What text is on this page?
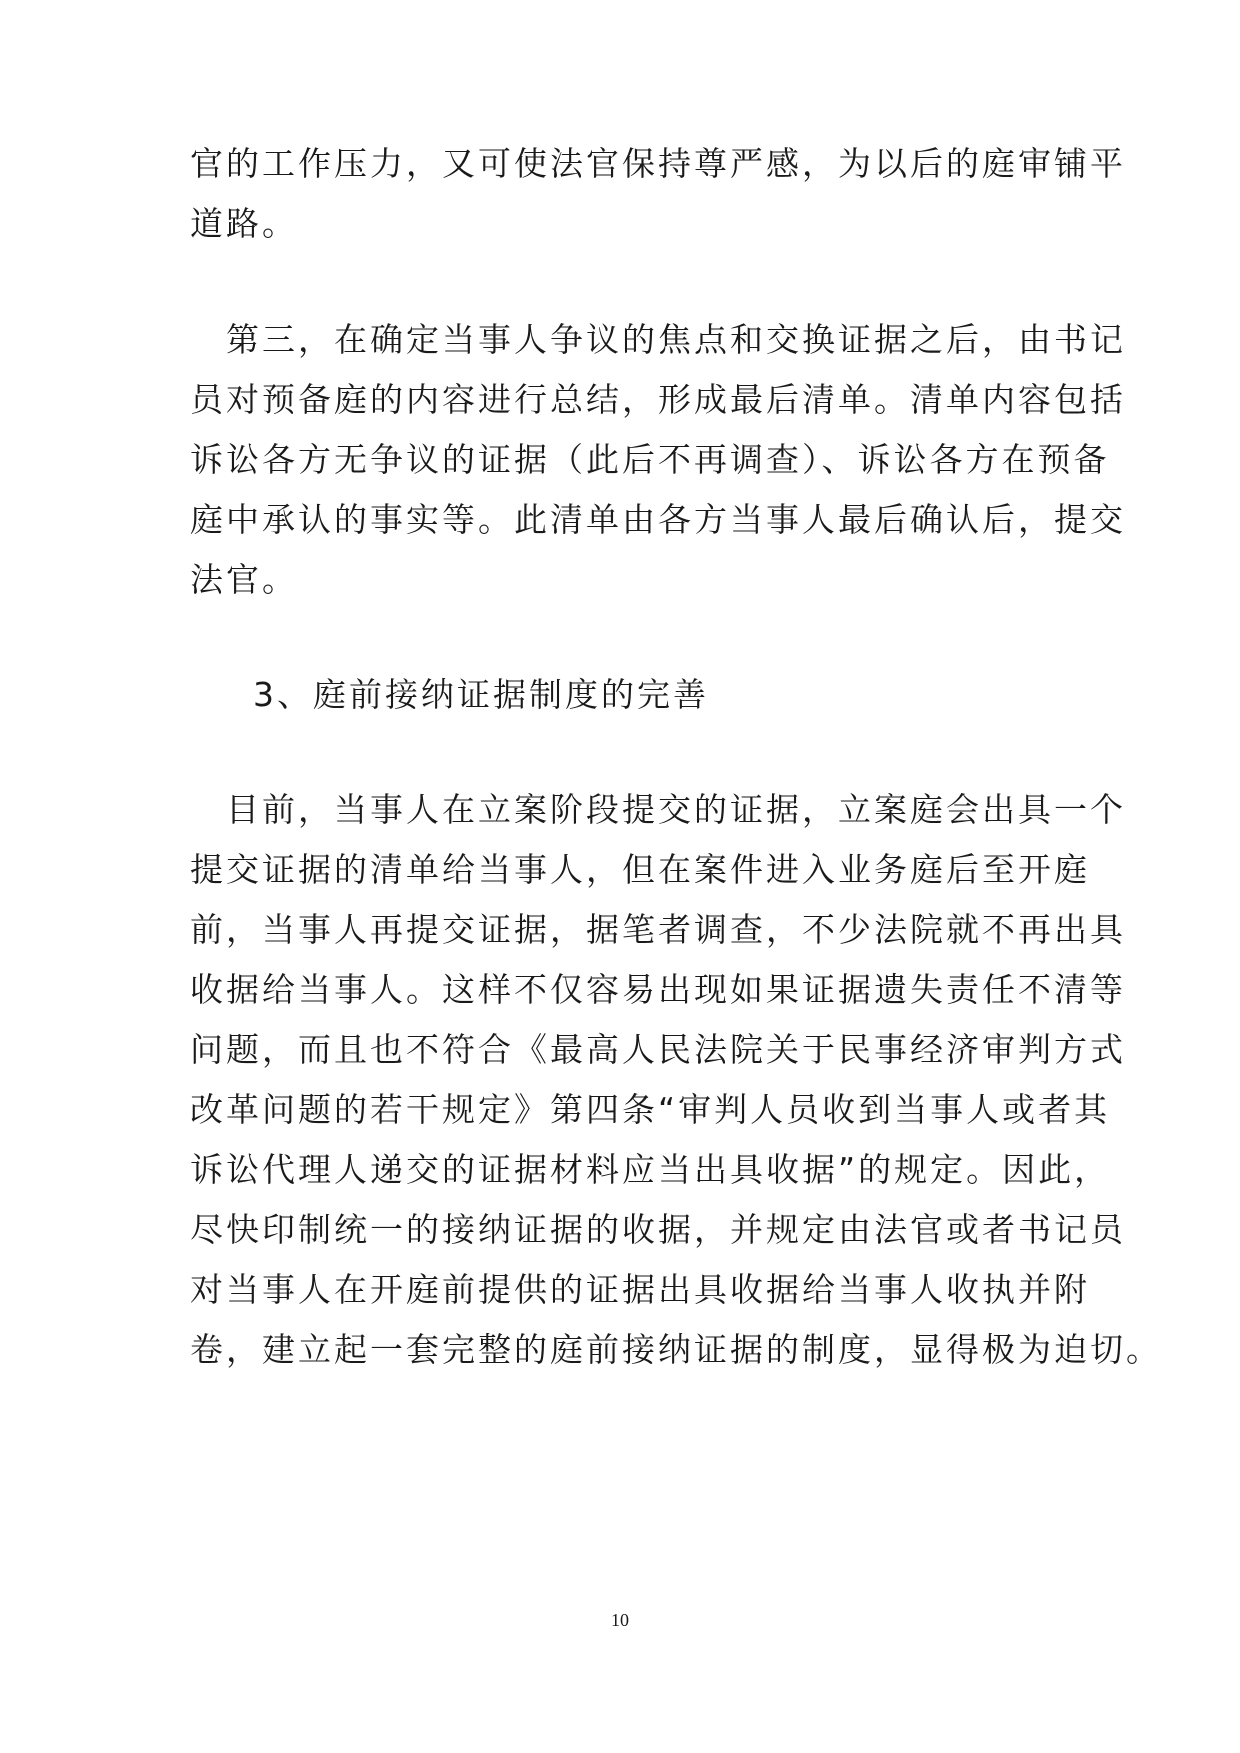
官的工作压力，又可使法官保持尊严感，为以后的庭审铺平
道路。
第三，在确定当事人争议的焦点和交换证据之后，由书记
员对预备庭的内容进行总结，形成最后清单。清单内容包括
诉讼各方无争议的证据（此后不再调查）、诉讼各方在预备
庭中承认的事实等。此清单由各方当事人最后确认后，提交
法官。
3、庭前接纳证据制度的完善
目前，当事人在立案阶段提交的证据，立案庭会出具一个
提交证据的清单给当事人，但在案件进入业务庭后至开庭
前，当事人再提交证据，据笔者调查，不少法院就不再出具
收据给当事人。这样不仅容易出现如果证据遗失责任不清等
问题，而且也不符合《最高人民法院关于民事经济审判方式
改革问题的若干规定》第四条“审判人员收到当事人或者其
诉讼代理人递交的证据材料应当出具收据”的规定。因此，
尽快印制统一的接纳证据的收据，并规定由法官或者书记员
对当事人在开庭前提供的证据出具收据给当事人收执并附
卷，建立起一套完整的庭前接纳证据的制度，显得极为迫切。
10
